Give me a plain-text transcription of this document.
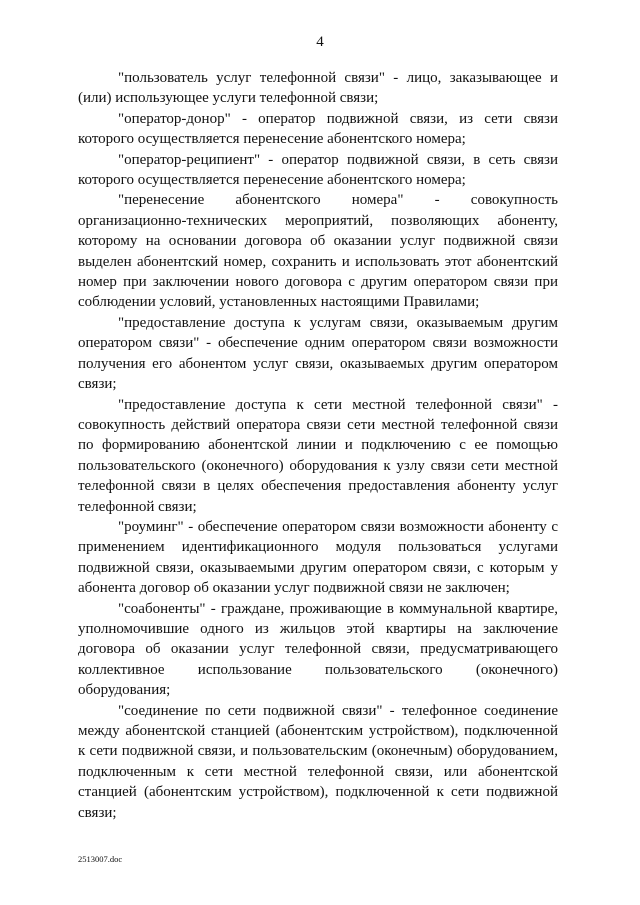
4

"пользователь услуг телефонной связи" - лицо, заказывающее и (или) использующее услуги телефонной связи;

"оператор-донор" - оператор подвижной связи, из сети связи которого осуществляется перенесение абонентского номера;

"оператор-реципиент" - оператор подвижной связи, в сеть связи которого осуществляется перенесение абонентского номера;

"перенесение абонентского номера" - совокупность организационно-технических мероприятий, позволяющих абоненту, которому на основании договора об оказании услуг подвижной связи выделен абонентский номер, сохранить и использовать этот абонентский номер при заключении нового договора с другим оператором связи при соблюдении условий, установленных настоящими Правилами;

"предоставление доступа к услугам связи, оказываемым другим оператором связи" - обеспечение одним оператором связи возможности получения его абонентом услуг связи, оказываемых другим оператором связи;

"предоставление доступа к сети местной телефонной связи" - совокупность действий оператора связи сети местной телефонной связи по формированию абонентской линии и подключению с ее помощью пользовательского (оконечного) оборудования к узлу связи сети местной телефонной связи в целях обеспечения предоставления абоненту услуг телефонной связи;

"роуминг" - обеспечение оператором связи возможности абоненту с применением идентификационного модуля пользоваться услугами подвижной связи, оказываемыми другим оператором связи, с которым у абонента договор об оказании услуг подвижной связи не заключен;

"соабоненты" - граждане, проживающие в коммунальной квартире, уполномочившие одного из жильцов этой квартиры на заключение договора об оказании услуг телефонной связи, предусматривающего коллективное использование пользовательского (оконечного) оборудования;

"соединение по сети подвижной связи" - телефонное соединение между абонентской станцией (абонентским устройством), подключенной к сети подвижной связи, и пользовательским (оконечным) оборудованием, подключенным к сети местной телефонной связи, или абонентской станцией (абонентским устройством), подключенной к сети подвижной связи;

2513007.doc
